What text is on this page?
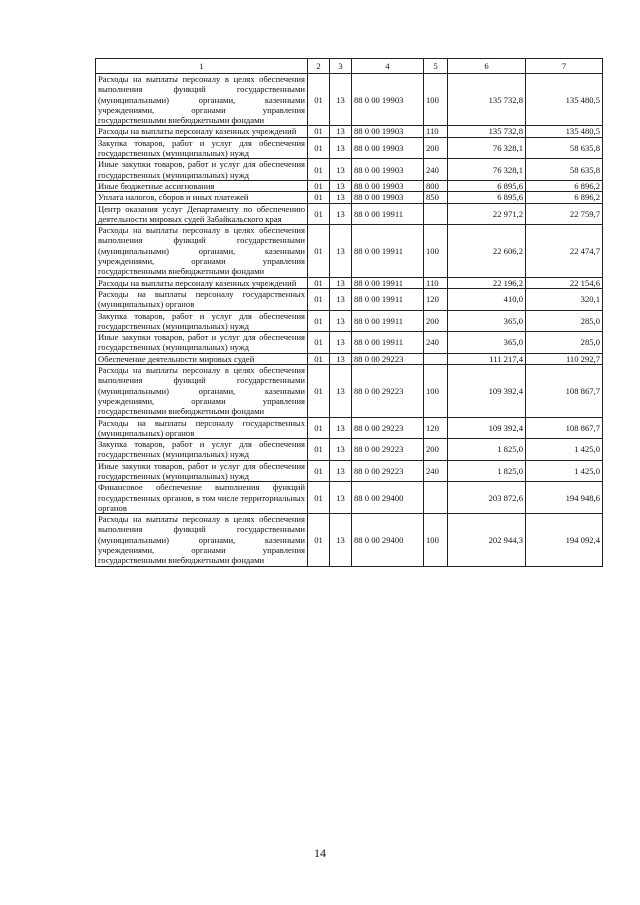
1	2	3	4	5	6	7
Расходы на выплаты персоналу в целях обеспечения выполнения функций государственными (муниципальными) органами, казенными учреждениями, органами управления государственными внебюджетными фондами	01	13	88 0 00 19903	100	135 732,8	135 480,5
Расходы на выплаты персоналу казенных учреждений	01	13	88 0 00 19903	110	135 732,8	135 480,5
Закупка товаров, работ и услуг для обеспечения государственных (муниципальных) нужд	01	13	88 0 00 19903	200	76 328,1	58 635,8
Иные закупки товаров, работ и услуг для обеспечения государственных (муниципальных) нужд	01	13	88 0 00 19903	240	76 328,1	58 635,8
Иные бюджетные ассигнования	01	13	88 0 00 19903	800	6 895,6	6 896,2
Уплата налогов, сборов и иных платежей	01	13	88 0 00 19903	850	6 895,6	6 896,2
Центр оказания услуг Департаменту по обеспечению деятельности мировых судей Забайкальского края	01	13	88 0 00 19911		22 971,2	22 759,7
Расходы на выплаты персоналу в целях обеспечения выполнения функций государственными (муниципальными) органами, казенными учреждениями, органами управления государственными внебюджетными фондами	01	13	88 0 00 19911	100	22 606,2	22 474,7
Расходы на выплаты персоналу казенных учреждений	01	13	88 0 00 19911	110	22 196,2	22 154,6
Расходы на выплаты персоналу государственных (муниципальных) органов	01	13	88 0 00 19911	120	410,0	320,1
Закупка товаров, работ и услуг для обеспечения государственных (муниципальных) нужд	01	13	88 0 00 19911	200	365,0	285,0
Иные закупки товаров, работ и услуг для обеспечения государственных (муниципальных) нужд	01	13	88 0 00 19911	240	365,0	285,0
Обеспечение деятельности мировых судей	01	13	88 0 00 29223		111 217,4	110 292,7
Расходы на выплаты персоналу в целях обеспечения выполнения функций государственными (муниципальными) органами, казенными учреждениями, органами управления государственными внебюджетными фондами	01	13	88 0 00 29223	100	109 392,4	108 867,7
Расходы на выплаты персоналу государственных (муниципальных) органов	01	13	88 0 00 29223	120	109 392,4	108 867,7
Закупка товаров, работ и услуг для обеспечения государственных (муниципальных) нужд	01	13	88 0 00 29223	200	1 825,0	1 425,0
Иные закупки товаров, работ и услуг для обеспечения государственных (муниципальных) нужд	01	13	88 0 00 29223	240	1 825,0	1 425,0
Финансовое обеспечение выполнения функций государственных органов, в том числе территориальных органов	01	13	88 0 00 29400		203 872,6	194 948,6
Расходы на выплаты персоналу в целях обеспечения выполнения функций государственными (муниципальными) органами, казенными учреждениями, органами управления государственными внебюджетными фондами	01	13	88 0 00 29400	100	202 944,3	194 092,4
14
